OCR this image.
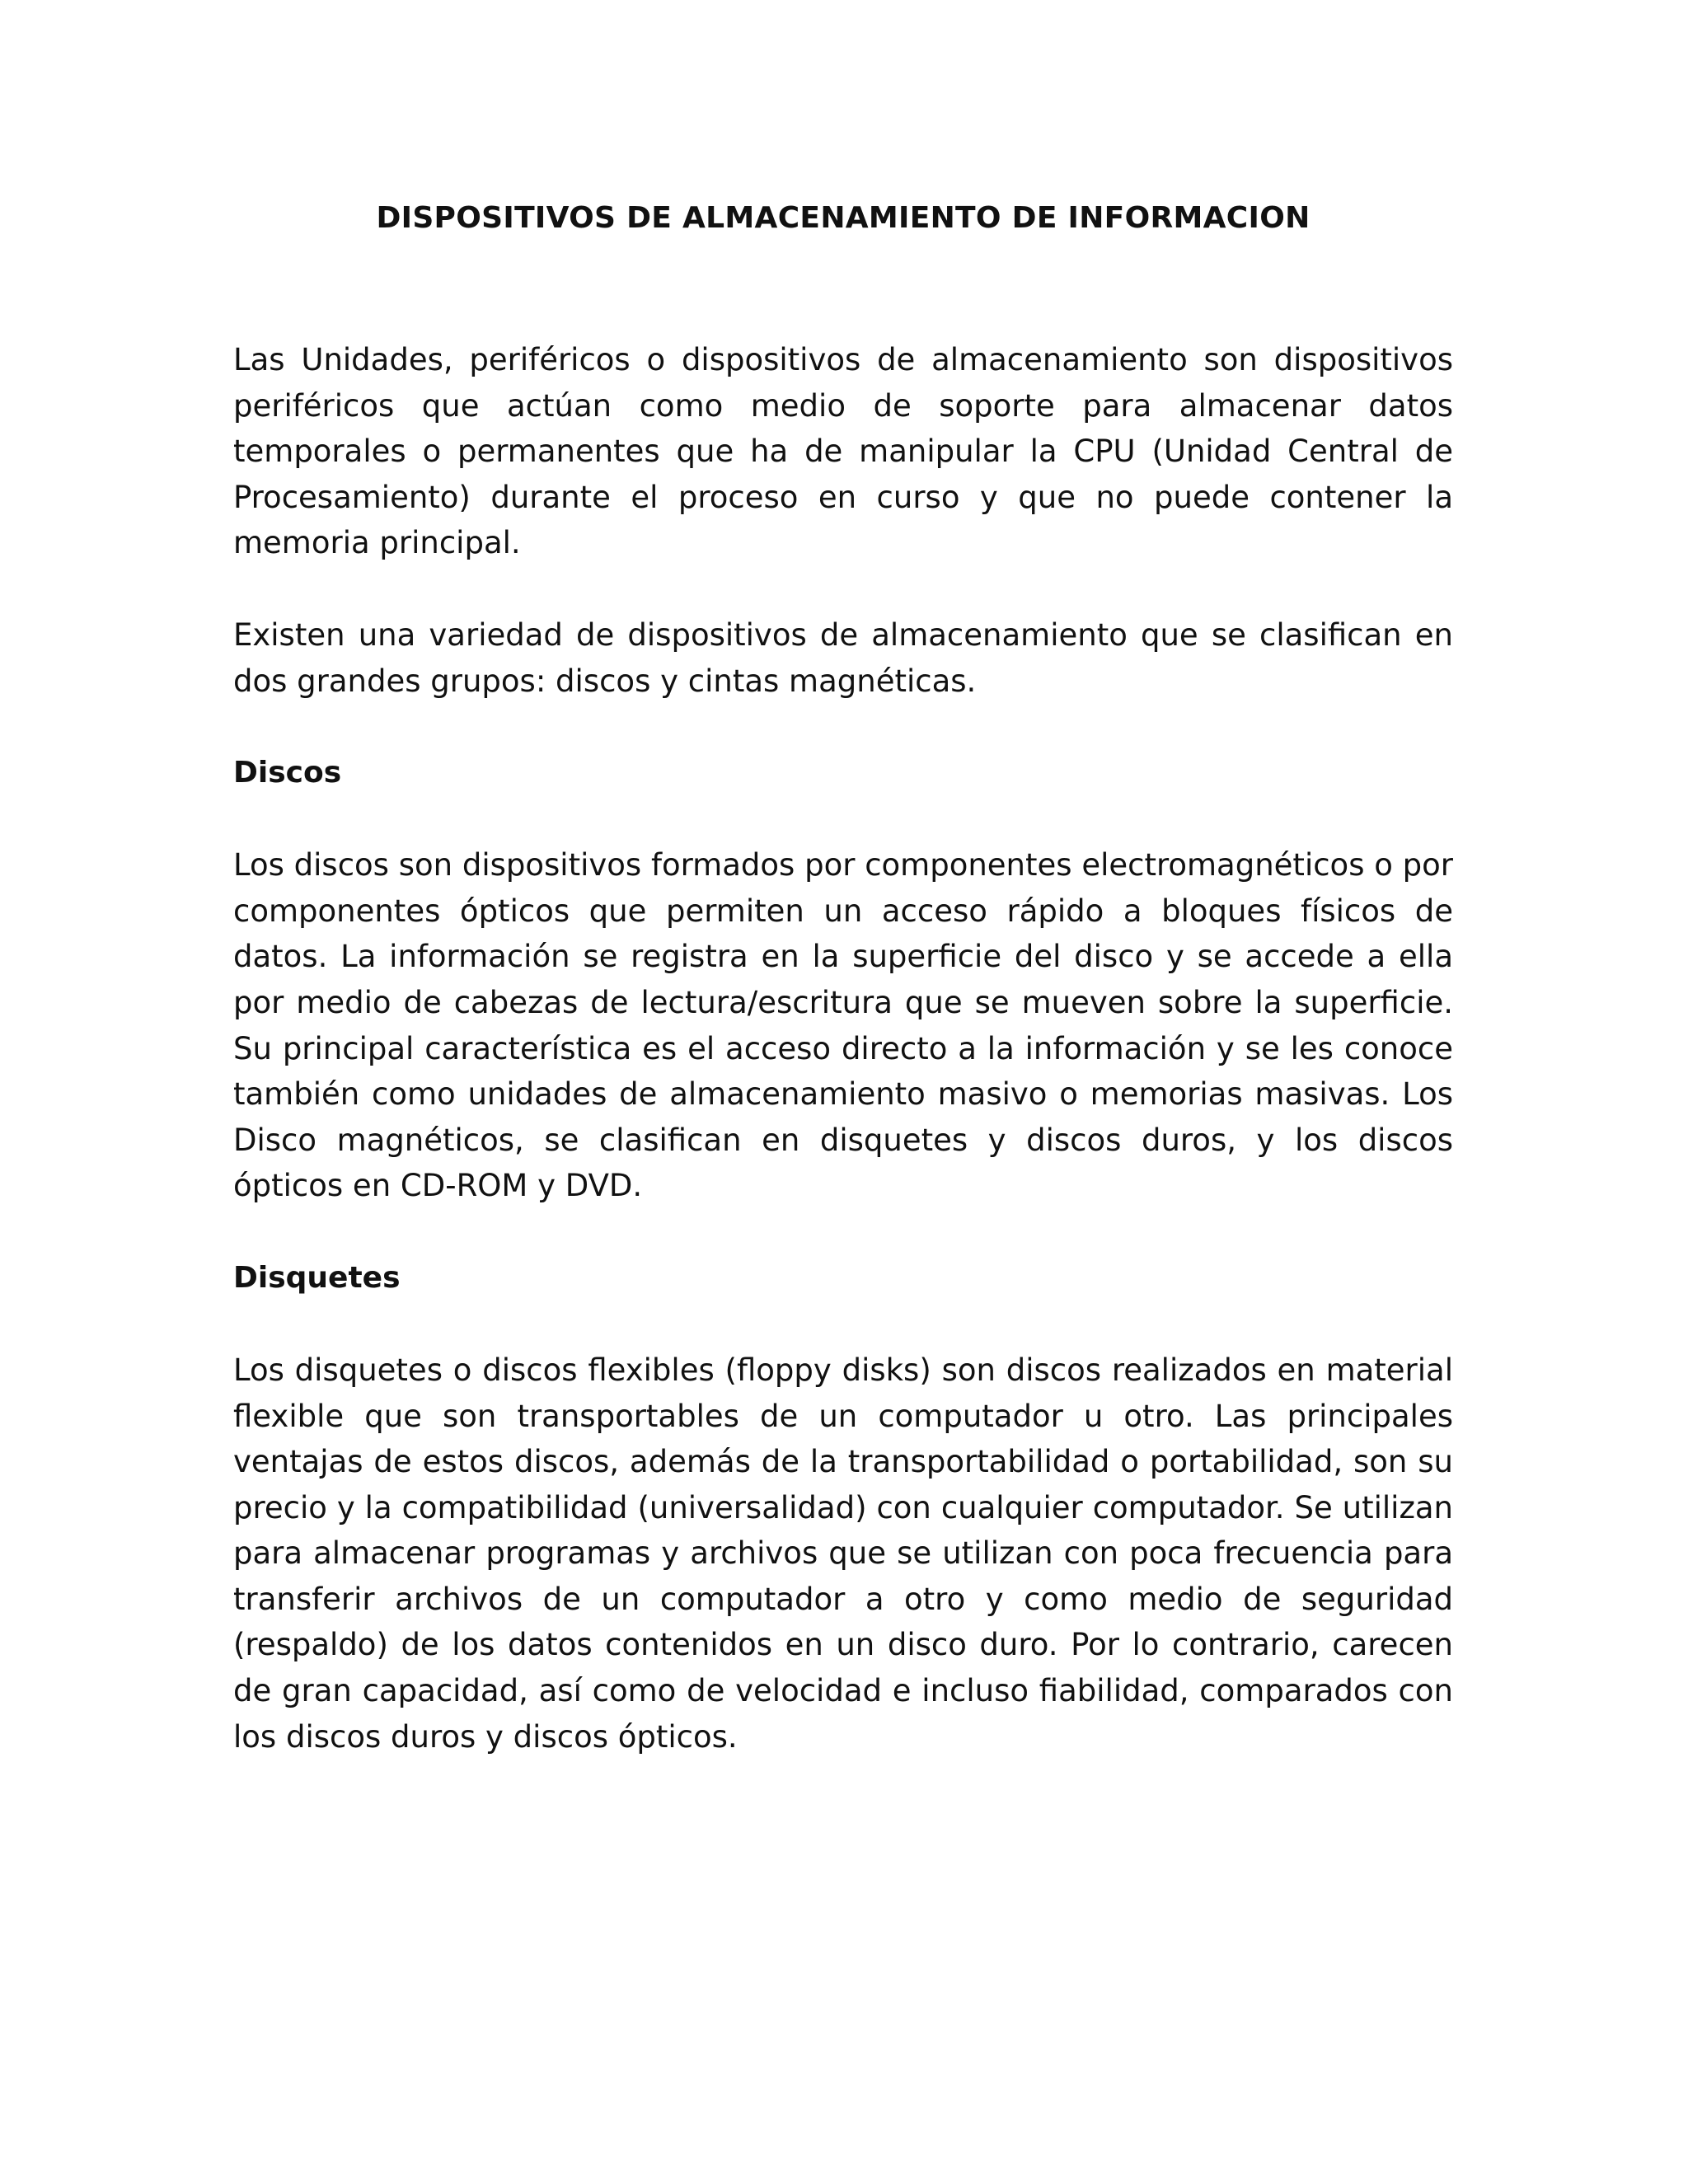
DISPOSITIVOS DE ALMACENAMIENTO DE INFORMACION

Las Unidades, periféricos o dispositivos de almacenamiento son dispositivos periféricos que actúan como medio de soporte para almacenar datos temporales o permanentes que ha de manipular la CPU (Unidad Central de Procesamiento) durante el proceso en curso y que no puede contener la memoria principal.

Existen una variedad de dispositivos de almacenamiento que se clasifican en dos grandes grupos: discos y cintas magnéticas.

Discos

Los discos son dispositivos formados por componentes electromagnéticos o por componentes ópticos que permiten un acceso rápido a bloques físicos de datos. La información se registra en la superficie del disco y se accede a ella por medio de cabezas de lectura/escritura que se mueven sobre la superficie. Su principal característica es el acceso directo a la información y se les conoce también como unidades de almacenamiento masivo o memorias masivas. Los Disco magnéticos, se clasifican en disquetes y discos duros, y los discos ópticos en CD-ROM y DVD.

Disquetes

Los disquetes o discos flexibles (floppy disks) son discos realizados en material flexible que son transportables de un computador u otro. Las principales ventajas de estos discos, además de la transportabilidad o portabilidad, son su precio y la compatibilidad (universalidad) con cualquier computador. Se utilizan para almacenar programas y archivos que se utilizan con poca frecuencia para transferir archivos de un computador a otro y como medio de seguridad (respaldo) de los datos contenidos en un disco duro. Por lo contrario, carecen de gran capacidad, así como de velocidad e incluso fiabilidad, comparados con los discos duros y discos ópticos.
